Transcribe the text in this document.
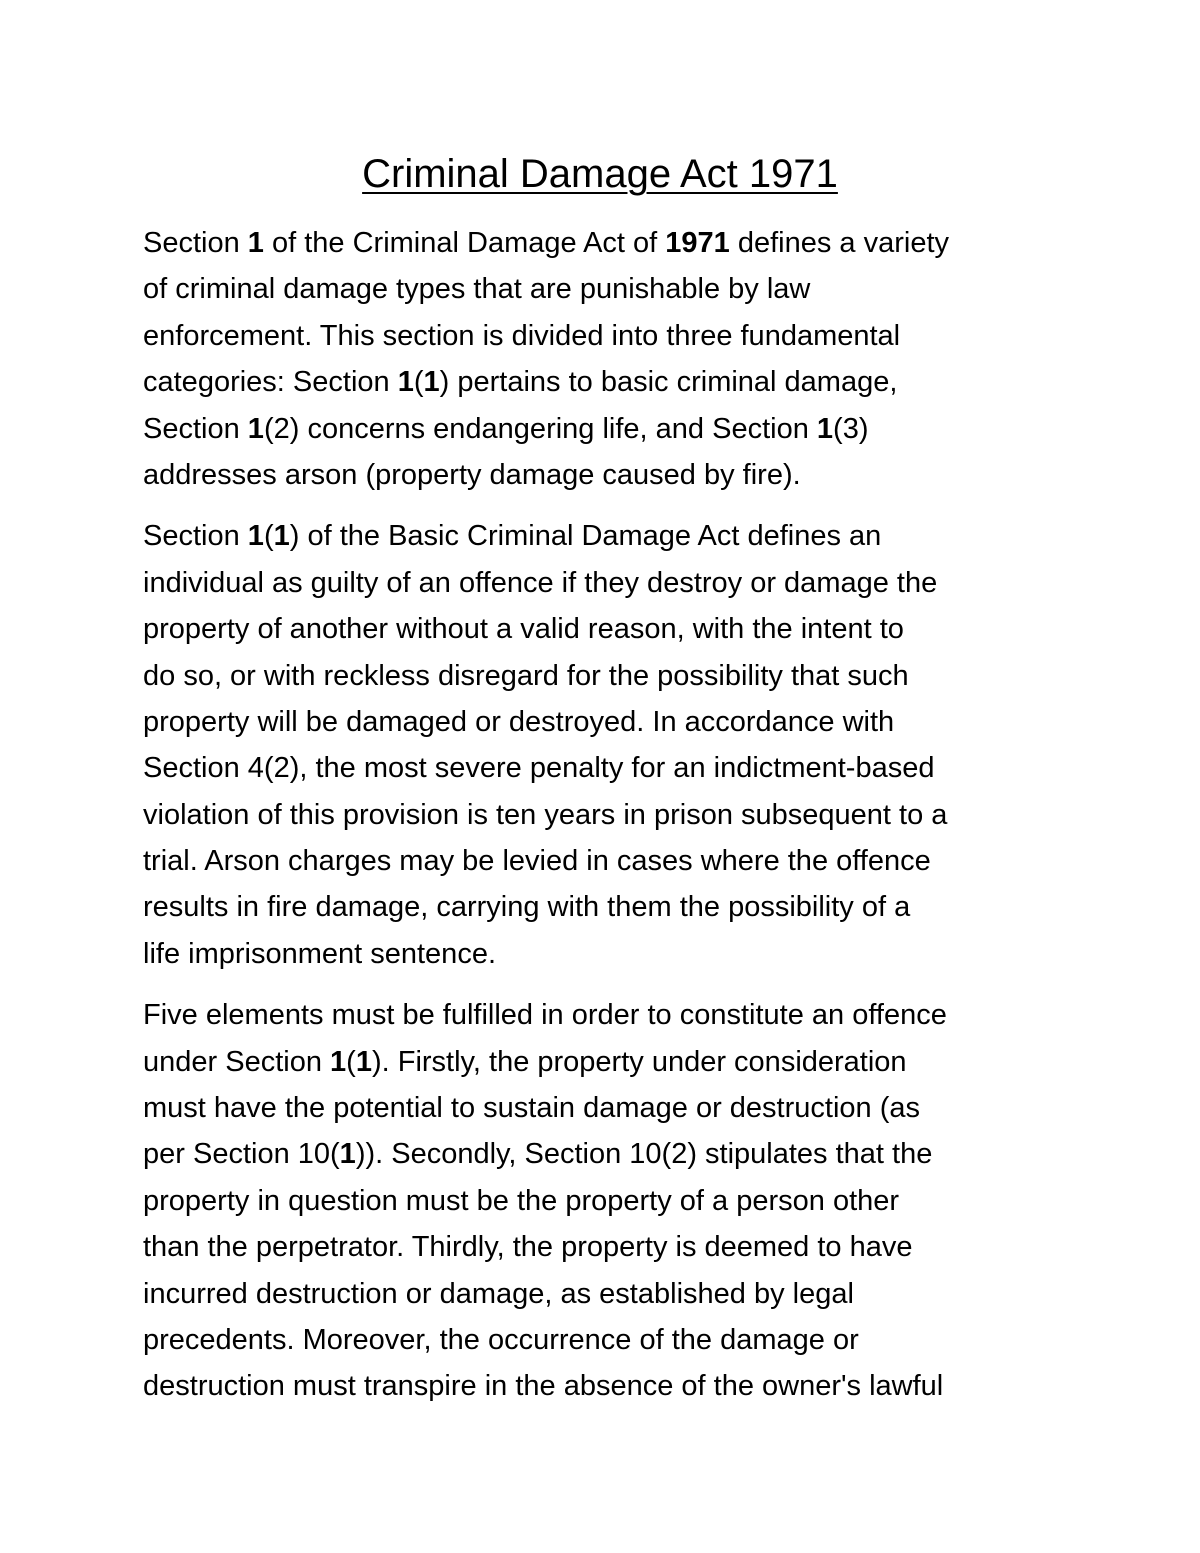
Criminal Damage Act 1971

Section 1 of the Criminal Damage Act of 1971 defines a variety
of criminal damage types that are punishable by law
enforcement. This section is divided into three fundamental
categories: Section 1(1) pertains to basic criminal damage,
Section 1(2) concerns endangering life, and Section 1(3)
addresses arson (property damage caused by fire).

Section 1(1) of the Basic Criminal Damage Act defines an
individual as guilty of an offence if they destroy or damage the
property of another without a valid reason, with the intent to
do so, or with reckless disregard for the possibility that such
property will be damaged or destroyed. In accordance with
Section 4(2), the most severe penalty for an indictment-based
violation of this provision is ten years in prison subsequent to a
trial. Arson charges may be levied in cases where the offence
results in fire damage, carrying with them the possibility of a
life imprisonment sentence.

Five elements must be fulfilled in order to constitute an offence
under Section 1(1). Firstly, the property under consideration
must have the potential to sustain damage or destruction (as
per Section 10(1)). Secondly, Section 10(2) stipulates that the
property in question must be the property of a person other
than the perpetrator. Thirdly, the property is deemed to have
incurred destruction or damage, as established by legal
precedents. Moreover, the occurrence of the damage or
destruction must transpire in the absence of the owner's lawful
